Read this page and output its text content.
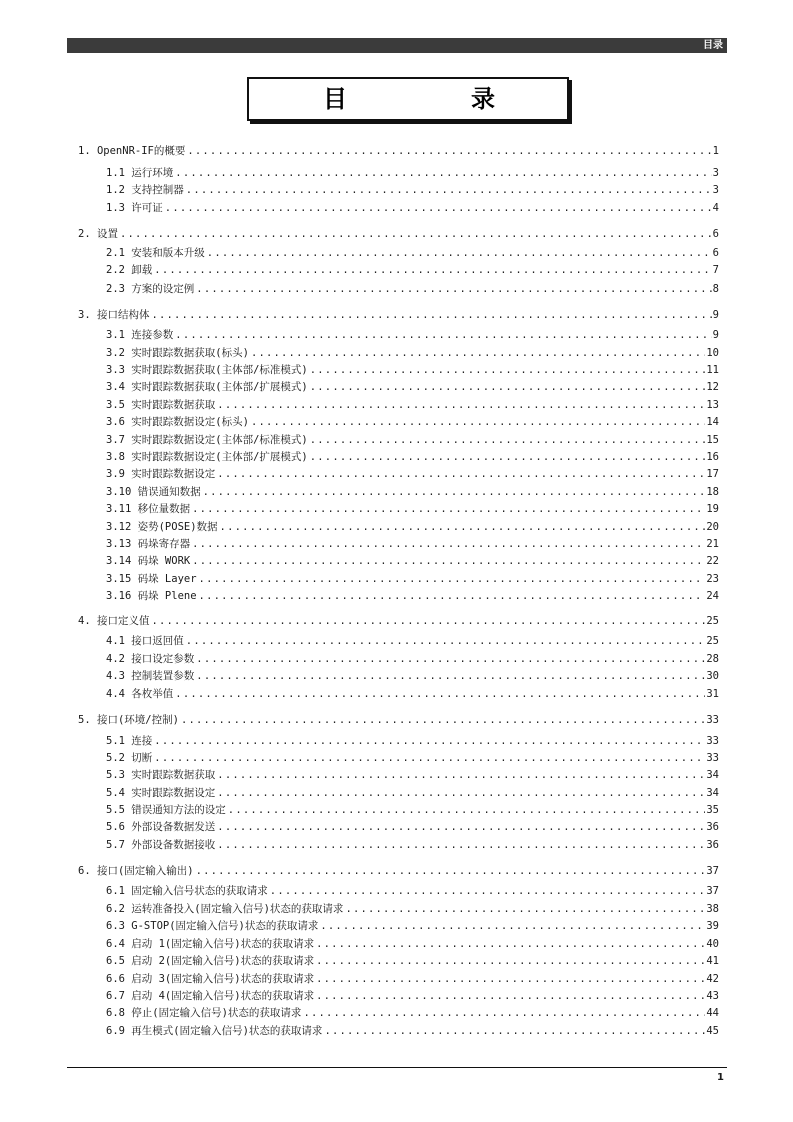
目录
目	录
1. OpenNR-IF的概要 .....	1
1.1 运行环境 .....	3
1.2 支持控制器 .....	3
1.3 许可证 .....	4
2. 设置 .....	6
2.1 安装和版本升级 .....	6
2.2 卸载 .....	7
2.3 方案的设定例 .....	8
3. 接口结构体 .....	9
3.1 连接参数 .....	9
3.2 实时跟踪数据获取(标头) .....	10
3.3 实时跟踪数据获取(主体部/标准模式) .....	11
3.4 实时跟踪数据获取(主体部/扩展模式) .....	12
3.5 实时跟踪数据获取 .....	13
3.6 实时跟踪数据设定(标头) .....	14
3.7 实时跟踪数据设定(主体部/标准模式) .....	15
3.8 实时跟踪数据设定(主体部/扩展模式) .....	16
3.9 实时跟踪数据设定 .....	17
3.10 错误通知数据 .....	18
3.11 移位量数据 .....	19
3.12 姿势(POSE)数据 .....	20
3.13 码垛寄存器 .....	21
3.14 码垛 WORK .....	22
3.15 码垛 Layer .....	23
3.16 码垛 Plene .....	24
4. 接口定义值 .....	25
4.1 接口返回值 .....	25
4.2 接口设定参数 .....	28
4.3 控制装置参数 .....	30
4.4 各枚举值 .....	31
5. 接口(环境/控制) .....	33
5.1 连接 .....	33
5.2 切断 .....	33
5.3 实时跟踪数据获取 .....	34
5.4 实时跟踪数据设定 .....	34
5.5 错误通知方法的设定 .....	35
5.6 外部设备数据发送 .....	36
5.7 外部设备数据接收 .....	36
6. 接口(固定输入输出) .....	37
6.1 固定输入信号状态的获取请求 .....	37
6.2 运转准备投入(固定输入信号)状态的获取请求 .....	38
6.3 G-STOP(固定输入信号)状态的获取请求 .....	39
6.4 启动 1(固定输入信号)状态的获取请求 .....	40
6.5 启动 2(固定输入信号)状态的获取请求 .....	41
6.6 启动 3(固定输入信号)状态的获取请求 .....	42
6.7 启动 4(固定输入信号)状态的获取请求 .....	43
6.8 停止(固定输入信号)状态的获取请求 .....	44
6.9 再生模式(固定输入信号)状态的获取请求 .....	45
1
